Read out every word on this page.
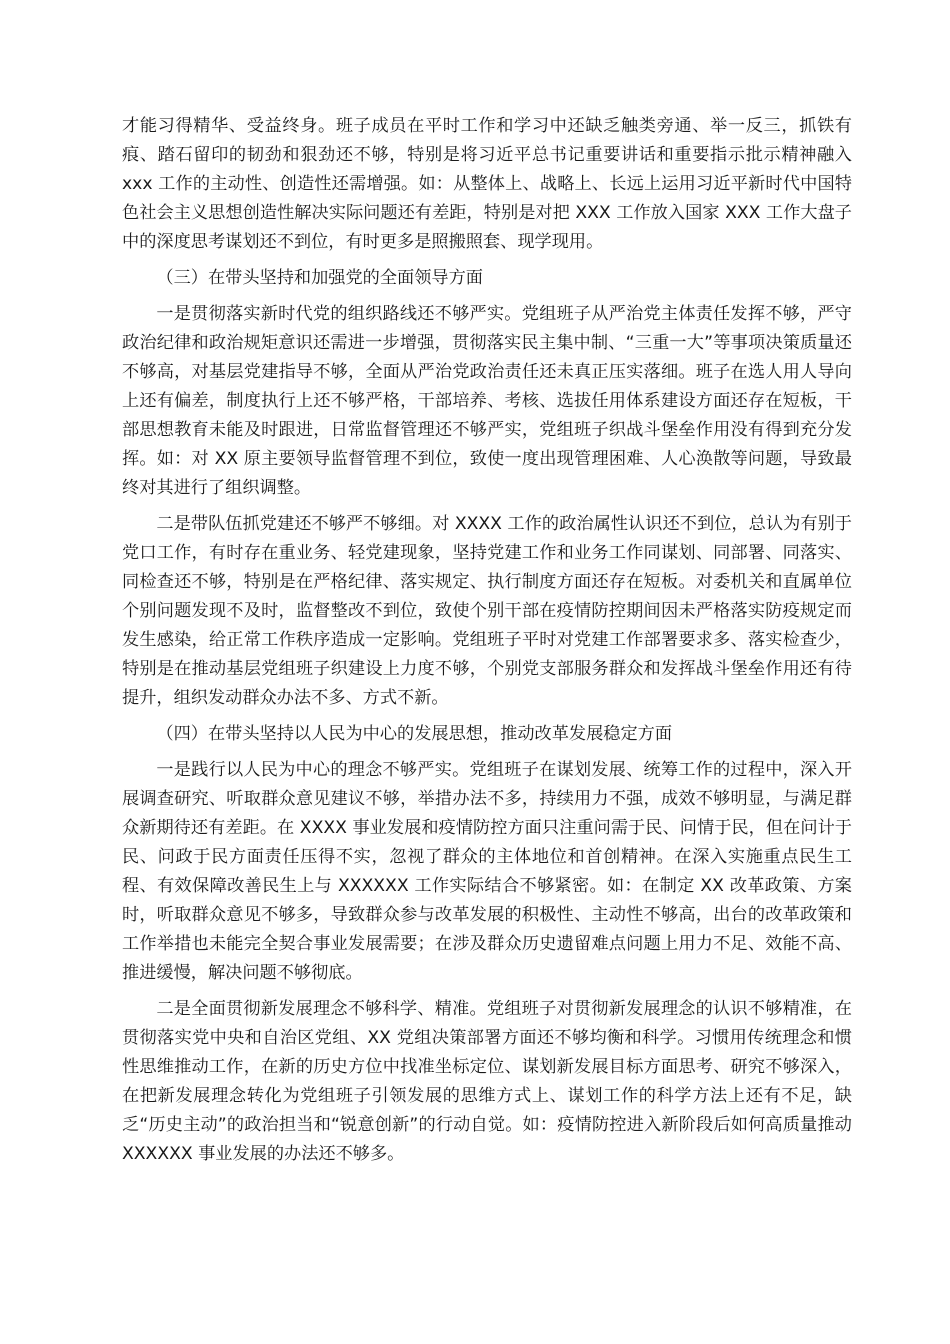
才能习得精华、受益终身。班子成员在平时工作和学习中还缺乏触类旁通、举一反三，抓铁有痕、踏石留印的韧劲和狠劲还不够，特别是将习近平总书记重要讲话和重要指示批示精神融入 xxx 工作的主动性、创造性还需增强。如：从整体上、战略上、长远上运用习近平新时代中国特色社会主义思想创造性解决实际问题还有差距，特别是对把 XXX 工作放入国家 XXX 工作大盘子中的深度思考谋划还不到位，有时更多是照搬照套、现学现用。

（三）在带头坚持和加强党的全面领导方面

一是贯彻落实新时代党的组织路线还不够严实。党组班子从严治党主体责任发挥不够，严守政治纪律和政治规矩意识还需进一步增强，贯彻落实民主集中制、“三重一大”等事项决策质量还不够高，对基层党建指导不够，全面从严治党政治责任还未真正压实落细。班子在选人用人导向上还有偏差，制度执行上还不够严格，干部培养、考核、选拔任用体系建设方面还存在短板，干部思想教育未能及时跟进，日常监督管理还不够严实，党组班子织战斗堡垒作用没有得到充分发挥。如：对 XX 原主要领导监督管理不到位，致使一度出现管理困难、人心涣散等问题，导致最终对其进行了组织调整。

二是带队伍抓党建还不够严不够细。对 XXXX 工作的政治属性认识还不到位，总认为有别于党口工作，有时存在重业务、轻党建现象，坚持党建工作和业务工作同谋划、同部署、同落实、同检查还不够，特别是在严格纪律、落实规定、执行制度方面还存在短板。对委机关和直属单位个别问题发现不及时，监督整改不到位，致使个别干部在疫情防控期间因未严格落实防疫规定而发生感染，给正常工作秩序造成一定影响。党组班子平时对党建工作部署要求多、落实检查少，特别是在推动基层党组班子织建设上力度不够，个别党支部服务群众和发挥战斗堡垒作用还有待提升，组织发动群众办法不多、方式不新。

（四）在带头坚持以人民为中心的发展思想，推动改革发展稳定方面

一是践行以人民为中心的理念不够严实。党组班子在谋划发展、统筹工作的过程中，深入开展调查研究、听取群众意见建议不够，举措办法不多，持续用力不强，成效不够明显，与满足群众新期待还有差距。在 XXXX 事业发展和疫情防控方面只注重问需于民、问情于民，但在问计于民、问政于民方面责任压得不实，忽视了群众的主体地位和首创精神。在深入实施重点民生工程、有效保障改善民生上与 XXXXXX 工作实际结合不够紧密。如：在制定 XX 改革政策、方案时，听取群众意见不够多，导致群众参与改革发展的积极性、主动性不够高，出台的改革政策和工作举措也未能完全契合事业发展需要；在涉及群众历史遗留难点问题上用力不足、效能不高、推进缓慢，解决问题不够彻底。

二是全面贯彻新发展理念不够科学、精准。党组班子对贯彻新发展理念的认识不够精准，在贯彻落实党中央和自治区党组、XX 党组决策部署方面还不够均衡和科学。习惯用传统理念和惯性思维推动工作，在新的历史方位中找准坐标定位、谋划新发展目标方面思考、研究不够深入，在把新发展理念转化为党组班子引领发展的思维方式上、谋划工作的科学方法上还有不足，缺乏“历史主动”的政治担当和“锐意创新”的行动自觉。如：疫情防控进入新阶段后如何高质量推动 XXXXXX 事业发展的办法还不够多。
